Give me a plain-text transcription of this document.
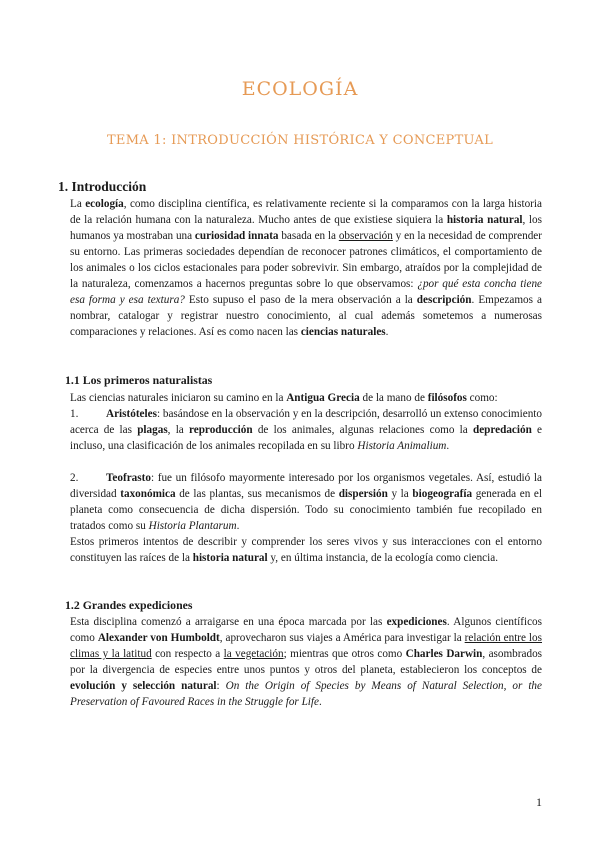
ECOLOGÍA
TEMA 1: INTRODUCCIÓN HISTÓRICA Y CONCEPTUAL
1. Introducción

La ecología, como disciplina científica, es relativamente reciente si la comparamos con la larga historia de la relación humana con la naturaleza. Mucho antes de que existiese siquiera la historia natural, los humanos ya mostraban una curiosidad innata basada en la observación y en la necesidad de comprender su entorno. Las primeras sociedades dependían de reconocer patrones climáticos, el comportamiento de los animales o los ciclos estacionales para poder sobrevivir. Sin embargo, atraídos por la complejidad de la naturaleza, comenzamos a hacernos preguntas sobre lo que observamos: ¿por qué esta concha tiene esa forma y esa textura? Esto supuso el paso de la mera observación a la descripción. Empezamos a nombrar, catalogar y registrar nuestro conocimiento, al cual además sometemos a numerosas comparaciones y relaciones. Así es como nacen las ciencias naturales.

1.1 Los primeros naturalistas

Las ciencias naturales iniciaron su camino en la Antigua Grecia de la mano de filósofos como:

1. Aristóteles: basándose en la observación y en la descripción, desarrolló un extenso conocimiento acerca de las plagas, la reproducción de los animales, algunas relaciones como la depredación e incluso, una clasificación de los animales recopilada en su libro Historia Animalium.

2. Teofrasto: fue un filósofo mayormente interesado por los organismos vegetales. Así, estudió la diversidad taxonómica de las plantas, sus mecanismos de dispersión y la biogeografía generada en el planeta como consecuencia de dicha dispersión. Todo su conocimiento también fue recopilado en tratados como su Historia Plantarum.

Estos primeros intentos de describir y comprender los seres vivos y sus interacciones con el entorno constituyen las raíces de la historia natural y, en última instancia, de la ecología como ciencia.

1.2 Grandes expediciones

Esta disciplina comenzó a arraigarse en una época marcada por las expediciones. Algunos científicos como Alexander von Humboldt, aprovecharon sus viajes a América para investigar la relación entre los climas y la latitud con respecto a la vegetación; mientras que otros como Charles Darwin, asombrados por la divergencia de especies entre unos puntos y otros del planeta, establecieron los conceptos de evolución y selección natural: On the Origin of Species by Means of Natural Selection, or the Preservation of Favoured Races in the Struggle for Life.

1
